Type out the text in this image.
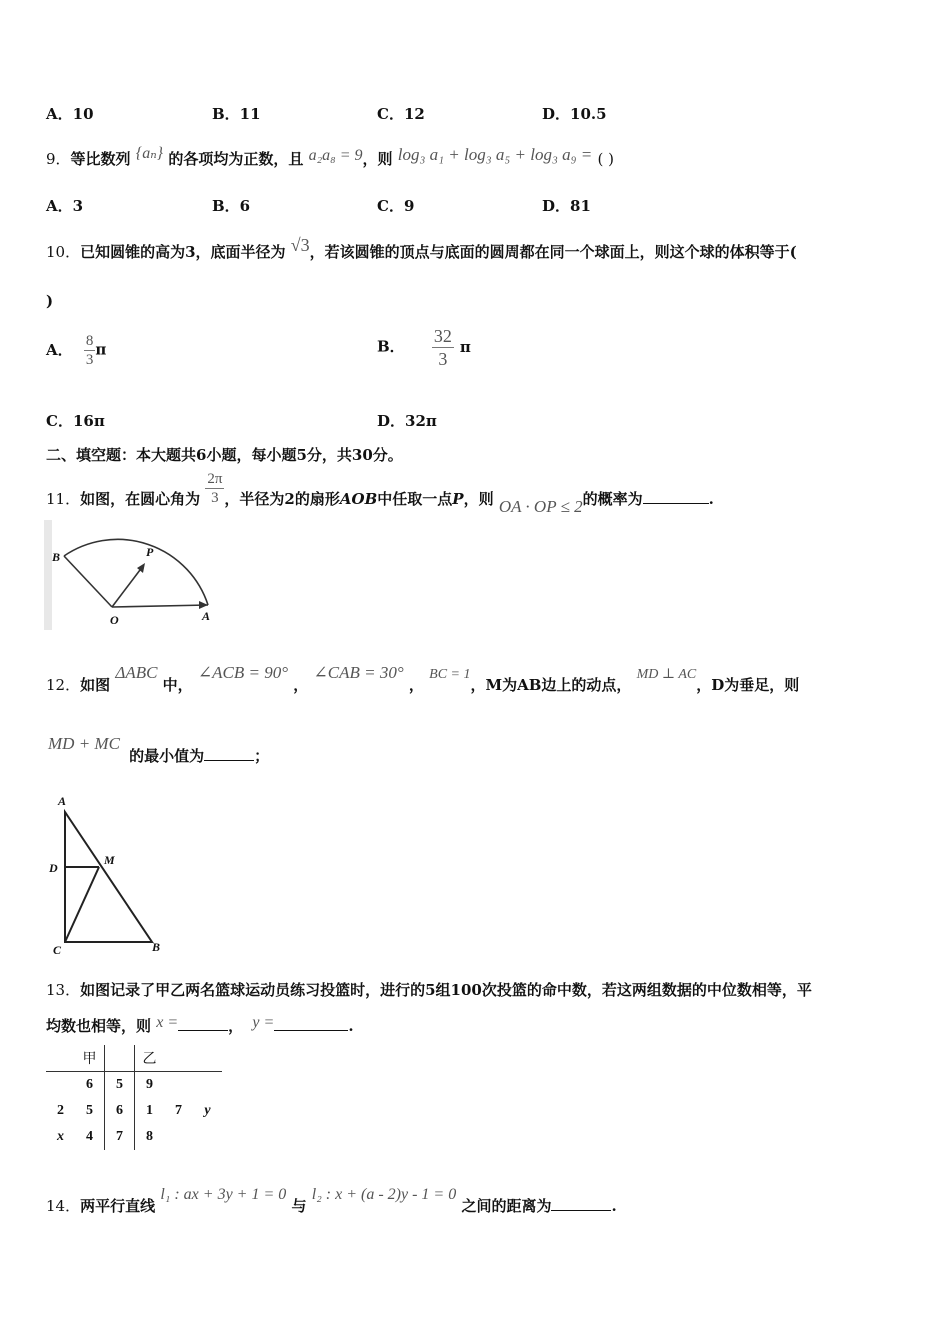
A．10	B．11	C．12	D．10.5
9．等比数列 {aₙ} 的各项均为正数，且 a₂a₈ = 9，则 log₃ a₁ + log₃ a₅ + log₃ a₉ = ( )
A．3	B．6	C．9	D．81
10．已知圆锥的高为3，底面半径为 √3，若该圆锥的顶点与底面的圆周都在同一个球面上，则这个球的体积等于(
)
A． $\frac{8}{3}$ π	B． $\frac{32}{3}$ π
C．16π	D．32π
二、填空题：本大题共6小题，每小题5分，共30分。
11．如图，在圆心角为 $\frac{2\pi}{3}$ ，半径为2的扇形AOB中任取一点P，则 OA · OP ≤ 2的概率为	.
B	P
O	A
12．如图 ΔABC 中， ∠ACB = 90° ， ∠CAB = 30° ， BC = 1，M为AB边上的动点， MD ⊥ AC，D为垂足，则
MD + MC 的最小值为	；
A
D
M
C	B
13．如图记录了甲乙两名篮球运动员练习投篮时，进行的5组100次投篮的命中数，若这两组数据的中位数相等，平
均数也相等，则 x =	， y =	.
	甲		乙		
	6	5	9		
2	5	6	1	7	y
x	4	7	8		
14．两平行直线 l₁ : ax + 3y + 1 = 0 与 l₂ : x + (a - 2)y - 1 = 0 之间的距离为	.
